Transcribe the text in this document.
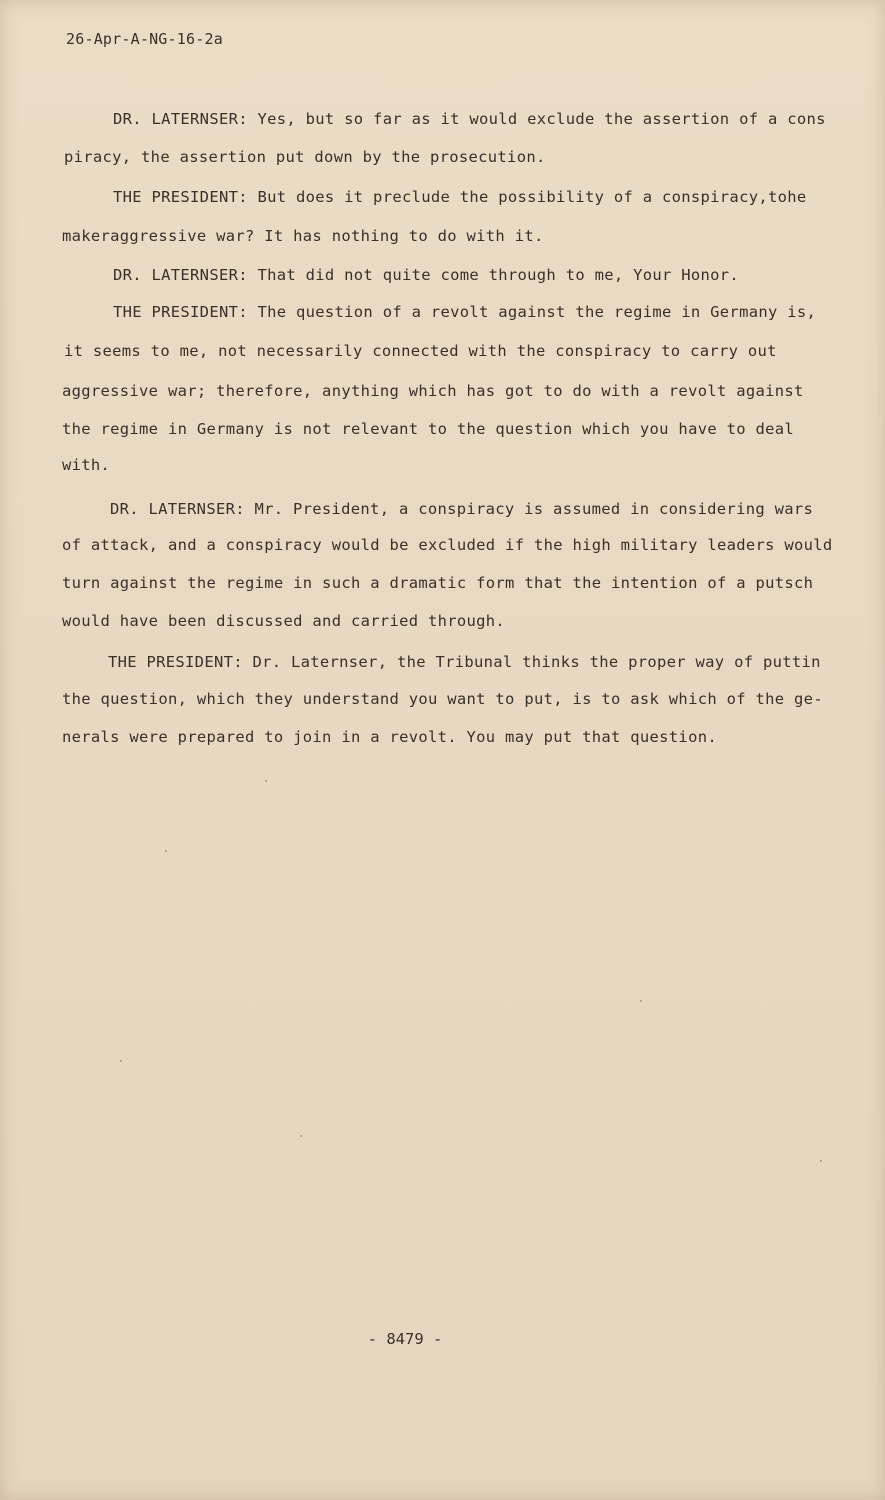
26-Apr-A-NG-16-2a
DR. LATERNSER: Yes, but so far as it would exclude the assertion of a cons
piracy, the assertion put down by the prosecution.
THE PRESIDENT: But does it preclude the possibility of a conspiracy,tohe
makeraggressive war? It has nothing to do with it.
DR. LATERNSER: That did not quite come through to me, Your Honor.
THE PRESIDENT: The question of a revolt against the regime in Germany is,
it seems to me, not necessarily connected with the conspiracy to carry out
aggressive war; therefore, anything which has got to do with a revolt against
the regime in Germany is not relevant to the question which you have to deal
with.
DR. LATERNSER: Mr. President, a conspiracy is assumed in considering wars
of attack, and a conspiracy would be excluded if the high military leaders would
turn against the regime in such a dramatic form that the intention of a putsch
would have been discussed and carried through.
THE PRESIDENT: Dr. Laternser, the Tribunal thinks the proper way of puttin
the question, which they understand you want to put, is to ask which of the ge-
nerals were prepared to join in a revolt. You may put that question.
- 8479 -
